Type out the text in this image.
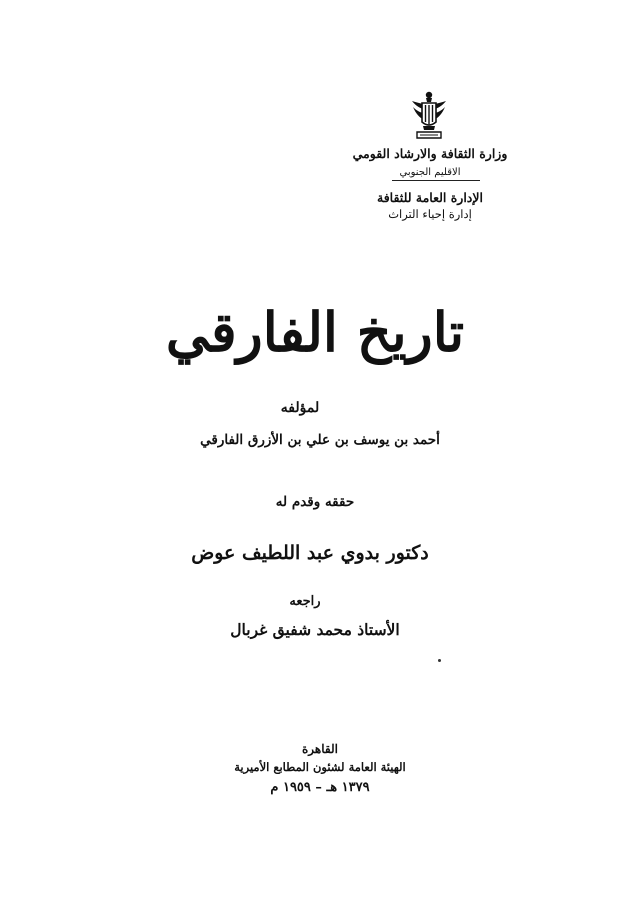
وزارة الثقافة والارشاد القومي
الاقليم الجنوبي
الإدارة العامة للثقافة
إدارة إحياء التراث
تاريخ الفارقي
لمؤلفه
أحمد بن يوسف بن علي بن الأزرق الفارقي
حققه وقدم له
دكتور بدوي عبد اللطيف عوض
راجعه
الأستاذ محمد شفيق غربال
القاهرة
الهيئة العامة لشئون المطابع الأميرية
١٣٧٩ هـ – ١٩٥٩ م
